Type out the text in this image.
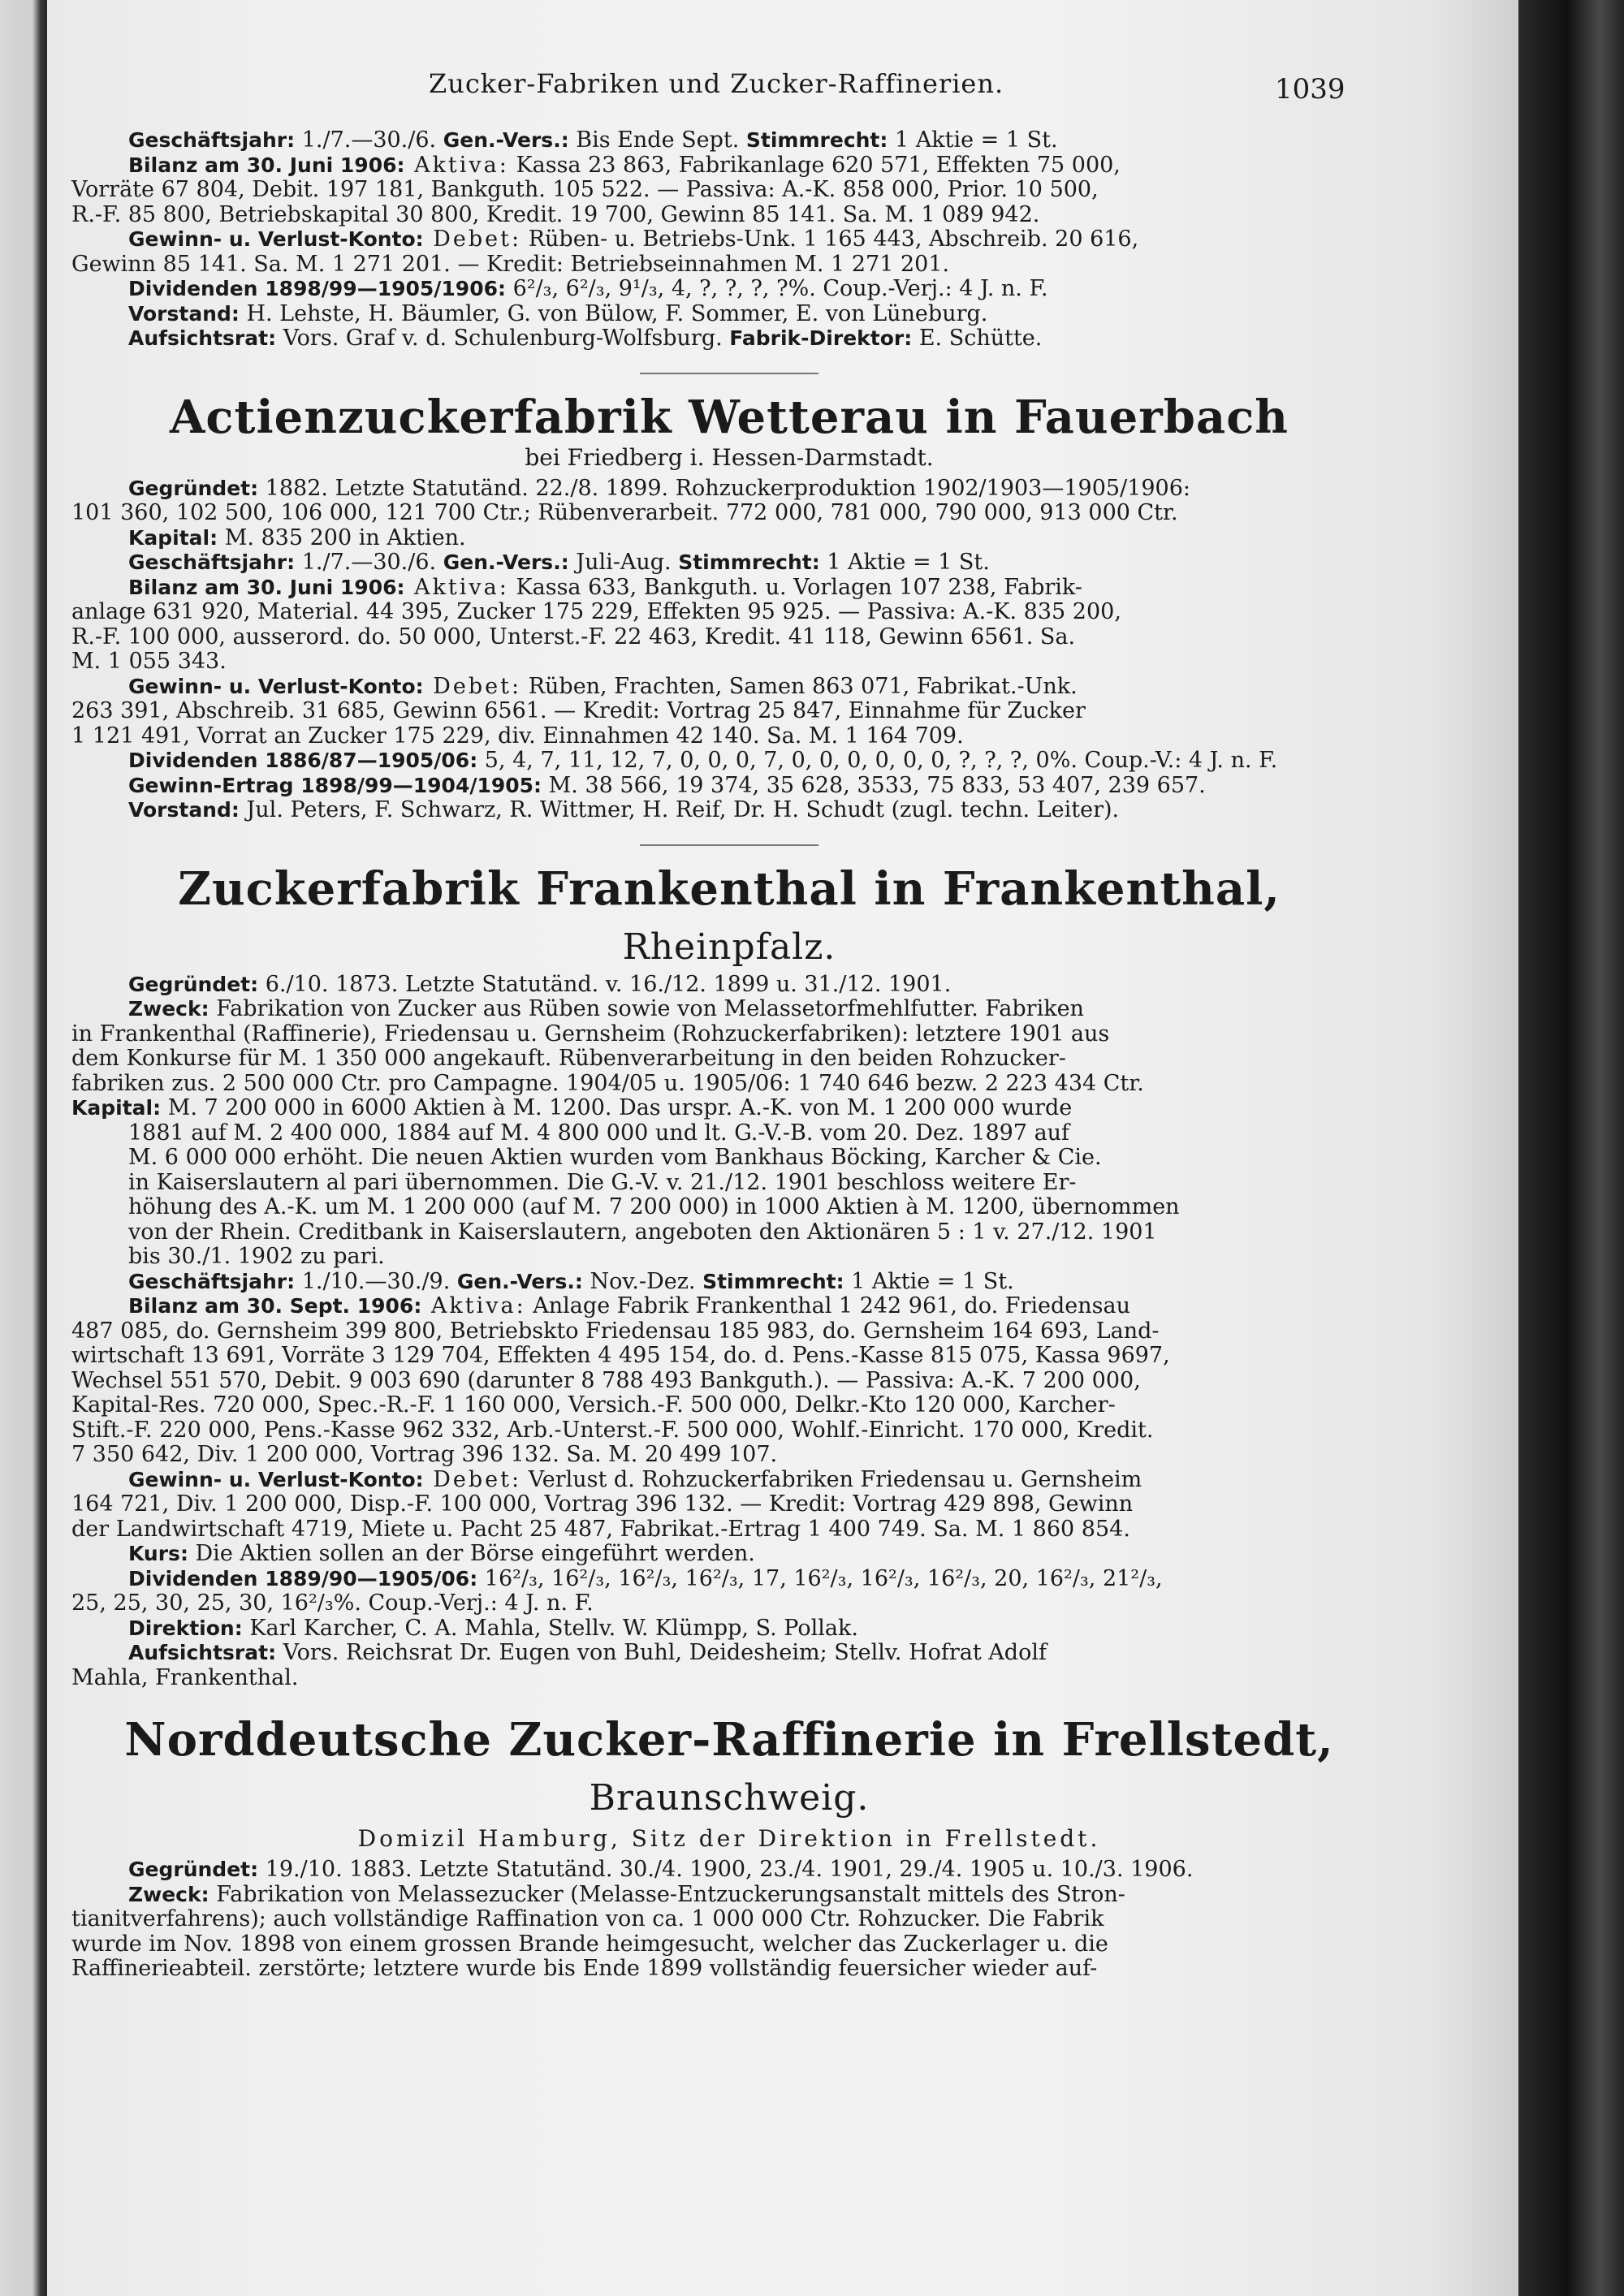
Zucker-Fabriken und Zucker-Raffinerien.	1039

Geschäftsjahr: 1./7.—30./6. Gen.-Vers.: Bis Ende Sept. Stimmrecht: 1 Aktie = 1 St.

Bilanz am 30. Juni 1906: Aktiva: Kassa 23 863, Fabrikanlage 620 571, Effekten 75 000,

Vorräte 67 804, Debit. 197 181, Bankguth. 105 522. — Passiva: A.-K. 858 000, Prior. 10 500,

R.-F. 85 800, Betriebskapital 30 800, Kredit. 19 700, Gewinn 85 141. Sa. M. 1 089 942.

Gewinn- u. Verlust-Konto: Debet: Rüben- u. Betriebs-Unk. 1 165 443, Abschreib. 20 616,

Gewinn 85 141. Sa. M. 1 271 201. — Kredit: Betriebseinnahmen M. 1 271 201.

Dividenden 1898/99—1905/1906: 6²/₃, 6²/₃, 9¹/₃, 4, ?, ?, ?, ?%. Coup.-Verj.: 4 J. n. F.

Vorstand: H. Lehste, H. Bäumler, G. von Bülow, F. Sommer, E. von Lüneburg.

Aufsichtsrat: Vors. Graf v. d. Schulenburg-Wolfsburg. Fabrik-Direktor: E. Schütte.

Actienzuckerfabrik Wetterau in Fauerbach
bei Friedberg i. Hessen-Darmstadt.

Gegründet: 1882. Letzte Statutänd. 22./8. 1899. Rohzuckerproduktion 1902/1903—1905/1906:

101 360, 102 500, 106 000, 121 700 Ctr.; Rübenverarbeit. 772 000, 781 000, 790 000, 913 000 Ctr.

Kapital: M. 835 200 in Aktien.

Geschäftsjahr: 1./7.—30./6. Gen.-Vers.: Juli-Aug. Stimmrecht: 1 Aktie = 1 St.

Bilanz am 30. Juni 1906: Aktiva: Kassa 633, Bankguth. u. Vorlagen 107 238, Fabrik-

anlage 631 920, Material. 44 395, Zucker 175 229, Effekten 95 925. — Passiva: A.-K. 835 200,

R.-F. 100 000, ausserord. do. 50 000, Unterst.-F. 22 463, Kredit. 41 118, Gewinn 6561. Sa.

M. 1 055 343.

Gewinn- u. Verlust-Konto: Debet: Rüben, Frachten, Samen 863 071, Fabrikat.-Unk.

263 391, Abschreib. 31 685, Gewinn 6561. — Kredit: Vortrag 25 847, Einnahme für Zucker

1 121 491, Vorrat an Zucker 175 229, div. Einnahmen 42 140. Sa. M. 1 164 709.

Dividenden 1886/87—1905/06: 5, 4, 7, 11, 12, 7, 0, 0, 0, 7, 0, 0, 0, 0, 0, 0, ?, ?, ?, 0%. Coup.-V.: 4 J. n. F.

Gewinn-Ertrag 1898/99—1904/1905: M. 38 566, 19 374, 35 628, 3533, 75 833, 53 407, 239 657.

Vorstand: Jul. Peters, F. Schwarz, R. Wittmer, H. Reif, Dr. H. Schudt (zugl. techn. Leiter).

Zuckerfabrik Frankenthal in Frankenthal, Rheinpfalz.

Gegründet: 6./10. 1873. Letzte Statutänd. v. 16./12. 1899 u. 31./12. 1901.

Zweck: Fabrikation von Zucker aus Rüben sowie von Melassetorfmehlfutter. Fabriken

in Frankenthal (Raffinerie), Friedensau u. Gernsheim (Rohzuckerfabriken): letztere 1901 aus

dem Konkurse für M. 1 350 000 angekauft. Rübenverarbeitung in den beiden Rohzucker-

fabriken zus. 2 500 000 Ctr. pro Campagne. 1904/05 u. 1905/06: 1 740 646 bezw. 2 223 434 Ctr.

Kapital: M. 7 200 000 in 6000 Aktien à M. 1200. Das urspr. A.-K. von M. 1 200 000 wurde

1881 auf M. 2 400 000, 1884 auf M. 4 800 000 und lt. G.-V.-B. vom 20. Dez. 1897 auf

M. 6 000 000 erhöht. Die neuen Aktien wurden vom Bankhaus Böcking, Karcher & Cie.

in Kaiserslautern al pari übernommen. Die G.-V. v. 21./12. 1901 beschloss weitere Er-

höhung des A.-K. um M. 1 200 000 (auf M. 7 200 000) in 1000 Aktien à M. 1200, übernommen

von der Rhein. Creditbank in Kaiserslautern, angeboten den Aktionären 5 : 1 v. 27./12. 1901

bis 30./1. 1902 zu pari.

Geschäftsjahr: 1./10.—30./9. Gen.-Vers.: Nov.-Dez. Stimmrecht: 1 Aktie = 1 St.

Bilanz am 30. Sept. 1906: Aktiva: Anlage Fabrik Frankenthal 1 242 961, do. Friedensau

487 085, do. Gernsheim 399 800, Betriebskto Friedensau 185 983, do. Gernsheim 164 693, Land-

wirtschaft 13 691, Vorräte 3 129 704, Effekten 4 495 154, do. d. Pens.-Kasse 815 075, Kassa 9697,

Wechsel 551 570, Debit. 9 003 690 (darunter 8 788 493 Bankguth.). — Passiva: A.-K. 7 200 000,

Kapital-Res. 720 000, Spec.-R.-F. 1 160 000, Versich.-F. 500 000, Delkr.-Kto 120 000, Karcher-

Stift.-F. 220 000, Pens.-Kasse 962 332, Arb.-Unterst.-F. 500 000, Wohlf.-Einricht. 170 000, Kredit.

7 350 642, Div. 1 200 000, Vortrag 396 132. Sa. M. 20 499 107.

Gewinn- u. Verlust-Konto: Debet: Verlust d. Rohzuckerfabriken Friedensau u. Gernsheim

164 721, Div. 1 200 000, Disp.-F. 100 000, Vortrag 396 132. — Kredit: Vortrag 429 898, Gewinn

der Landwirtschaft 4719, Miete u. Pacht 25 487, Fabrikat.-Ertrag 1 400 749. Sa. M. 1 860 854.

Kurs: Die Aktien sollen an der Börse eingeführt werden.

Dividenden 1889/90—1905/06: 16²/₃, 16²/₃, 16²/₃, 16²/₃, 17, 16²/₃, 16²/₃, 16²/₃, 20, 16²/₃, 21²/₃,

25, 25, 30, 25, 30, 16²/₃%. Coup.-Verj.: 4 J. n. F.

Direktion: Karl Karcher, C. A. Mahla, Stellv. W. Klümpp, S. Pollak.

Aufsichtsrat: Vors. Reichsrat Dr. Eugen von Buhl, Deidesheim; Stellv. Hofrat Adolf

Mahla, Frankenthal.

Norddeutsche Zucker-Raffinerie in Frellstedt, Braunschweig.
Domizil Hamburg, Sitz der Direktion in Frellstedt.

Gegründet: 19./10. 1883. Letzte Statutänd. 30./4. 1900, 23./4. 1901, 29./4. 1905 u. 10./3. 1906.

Zweck: Fabrikation von Melassezucker (Melasse-Entzuckerungsanstalt mittels des Stron-

tianitverfahrens); auch vollständige Raffination von ca. 1 000 000 Ctr. Rohzucker. Die Fabrik

wurde im Nov. 1898 von einem grossen Brande heimgesucht, welcher das Zuckerlager u. die

Raffinerieabteil. zerstörte; letztere wurde bis Ende 1899 vollständig feuersicher wieder auf-
